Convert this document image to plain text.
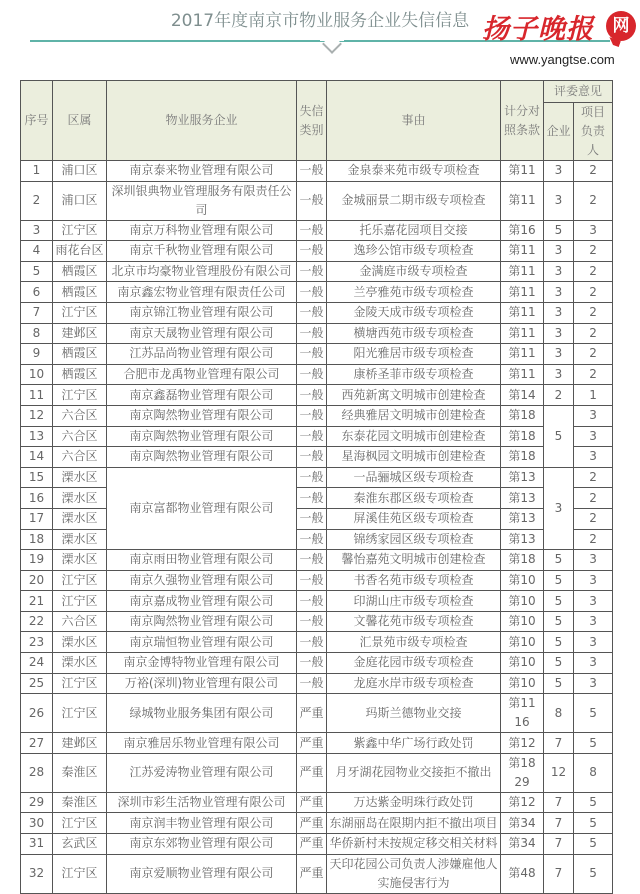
2017年度南京市物业服务企业失信信息 扬子晚报	网
www.yangtse.com
序号	区属	物业服务企业	失信类别	事由	计分对照条款	评委意见	
						企业	项目负责人
1	浦口区	南京泰来物业管理有限公司	一般	金泉泰来苑市级专项检查	第11	3	2
2	浦口区	深圳银典物业管理服务有限责任公司	一般	金城丽景二期市级专项检查	第11	3	2
3	江宁区	南京万科物业管理有限公司	一般	托乐嘉花园项目交接	第16	5	3
4	雨花台区	南京千秋物业管理有限公司	一般	逸珍公馆市级专项检查	第11	3	2
5	栖霞区	北京市均豪物业管理股份有限公司	一般	金满庭市级专项检查	第11	3	2
6	栖霞区	南京鑫宏物业管理有限责任公司	一般	兰亭雅苑市级专项检查	第11	3	2
7	江宁区	南京锦江物业管理有限公司	一般	金陵天成市级专项检查	第11	3	2
8	建邺区	南京天晟物业管理有限公司	一般	横塘西苑市级专项检查	第11	3	2
9	栖霞区	江苏品尚物业管理有限公司	一般	阳光雅居市级专项检查	第11	3	2
10	栖霞区	合肥市龙禹物业管理有限公司	一般	康桥圣菲市级专项检查	第11	3	2
11	江宁区	南京鑫磊物业管理有限公司	一般	西苑新寓文明城市创建检查	第14	2	1
12	六合区	南京陶然物业管理有限公司	一般	经典雅居文明城市创建检查	第18	5	3
13	六合区	南京陶然物业管理有限公司	一般	东泰花园文明城市创建检查	第18		3
14	六合区	南京陶然物业管理有限公司	一般	星海枫园文明城市创建检查	第18		3
15	溧水区	南京富都物业管理有限公司	一般	一品骊城区级专项检查	第13	3	2
16	溧水区		一般	秦淮东郡区级专项检查	第13		2
17	溧水区		一般	屏溪佳苑区级专项检查	第13		2
18	溧水区		一般	锦绣家园区级专项检查	第13		2
19	溧水区	南京雨田物业管理有限公司	一般	馨怡嘉苑文明城市创建检查	第18	5	3
20	江宁区	南京久强物业管理有限公司	一般	书香名苑市级专项检查	第10	5	3
21	江宁区	南京嘉成物业管理有限公司	一般	印湖山庄市级专项检查	第10	5	3
22	六合区	南京陶然物业管理有限公司	一般	文馨花苑市级专项检查	第10	5	3
23	溧水区	南京瑞恒物业管理有限公司	一般	汇景苑市级专项检查	第10	5	3
24	溧水区	南京金博特物业管理有限公司	一般	金庭花园市级专项检查	第10	5	3
25	江宁区	万裕(深圳)物业管理有限公司	一般	龙庭水岸市级专项检查	第10	5	3
26	江宁区	绿城物业服务集团有限公司	严重	玛斯兰德物业交接	第11 16	8	5
27	建邺区	南京雅居乐物业管理有限公司	严重	紫鑫中华广场行政处罚	第12	7	5
28	秦淮区	江苏爱涛物业管理有限公司	严重	月牙湖花园物业交接拒不撤出	第18 29	12	8
29	秦淮区	深圳市彩生活物业管理有限公司	严重	万达紫金明珠行政处罚	第12	7	5
30	江宁区	南京润丰物业管理有限公司	严重	东湖丽岛在限期内拒不撤出项目	第34	7	5
31	玄武区	南京东郊物业管理有限公司	严重	华侨新村未按规定移交相关材料	第34	7	5
32	江宁区	南京爱顺物业管理有限公司	严重	天印花园公司负责人涉嫌雇他人实施侵害行为	第48	7	5
